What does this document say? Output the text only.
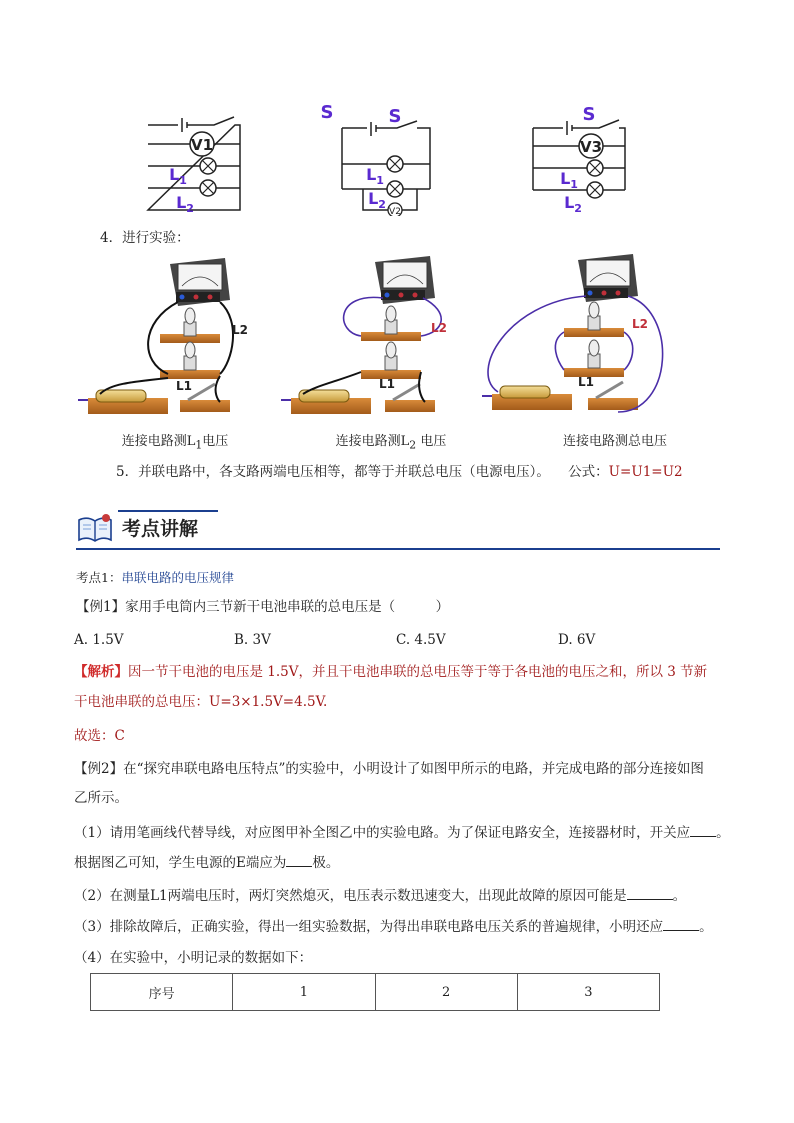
S
V1
$L_1$
$L_2$
S
V2
$L_1$
$L_2$
S
V3
$L_1$
$L_2$
4．进行实验：
L2
L1
L2
L1
L2
L1
连接电路测$L_1$电压	连接电路测$L_2$ 电压	连接电路测总电压
5．并联电路中，各支路两端电压相等，都等于并联总电压（电源电压）。 公式：U=U1=U2
考点讲解
考点1：串联电路的电压规律
【例1】家用手电筒内三节新干电池串联的总电压是（　　　）
A. 1.5V	B. 3V	C. 4.5V	D. 6V
【解析】因一节干电池的电压是 1.5V，并且干电池串联的总电压等于等于各电池的电压之和，所以 3 节新
干电池串联的总电压：U=3×1.5V=4.5V.
故选：C
【例2】在“探究串联电路电压特点”的实验中，小明设计了如图甲所示的电路，并完成电路的部分连接如图
乙所示。
（1）请用笔画线代替导线，对应图甲补全图乙中的实验电路。为了保证电路安全，连接器材时，开关应 。
根据图乙可知，学生电源的E端应为 极。
（2）在测量L1两端电压时，两灯突然熄灭，电压表示数迅速变大，出现此故障的原因可能是	。
（3）排除故障后，正确实验，得出一组实验数据，为得出串联电路电压关系的普遍规律，小明还应	。
（4）在实验中，小明记录的数据如下：
序号	1	2	3
